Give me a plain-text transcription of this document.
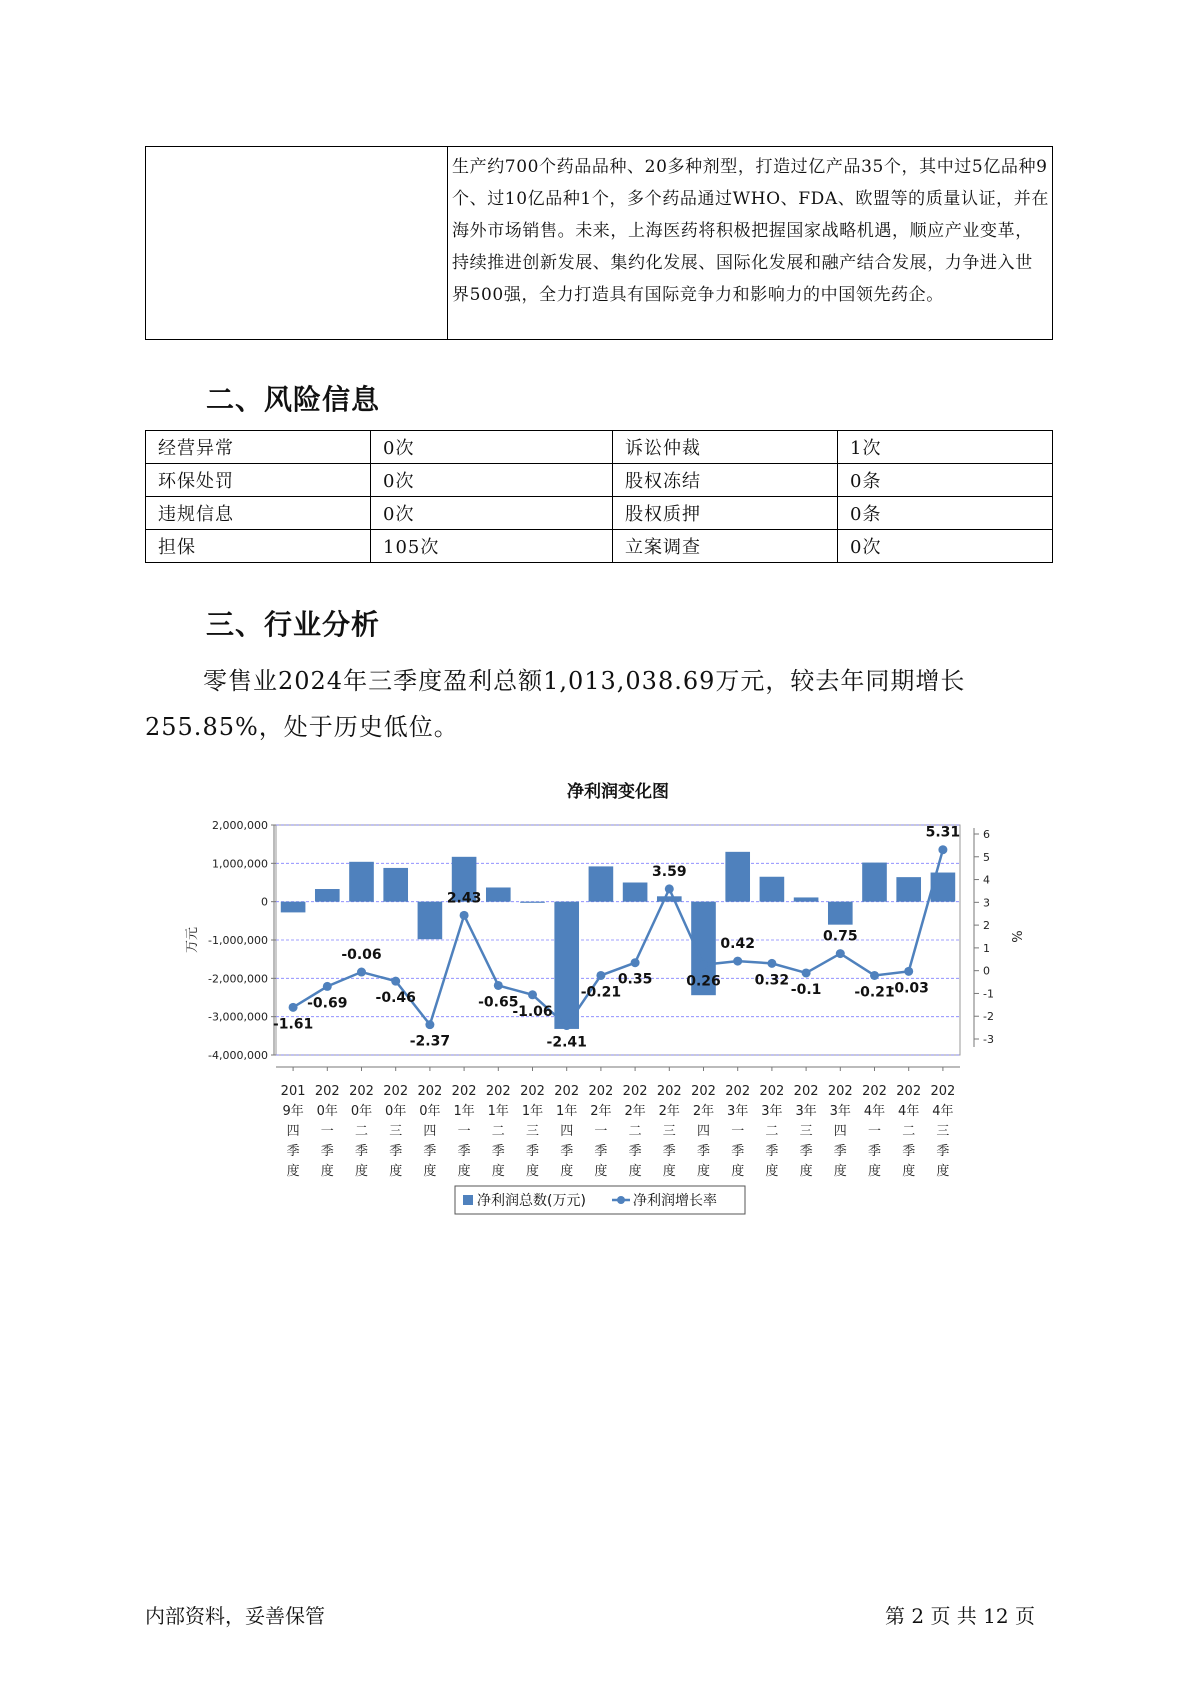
生产约700个药品品种、20多种剂型，打造过亿产品35个，其中过5亿品种9个、过10亿品种1个，多个药品通过WHO、FDA、欧盟等的质量认证，并在海外市场销售。未来，上海医药将积极把握国家战略机遇，顺应产业变革，持续推进创新发展、集约化发展、国际化发展和融产结合发展，力争进入世界500强，全力打造具有国际竞争力和影响力的中国领先药企。
二、风险信息
经营异常	0次	诉讼仲裁	1次
环保处罚	0次	股权冻结	0条
违规信息	0次	股权质押	0条
担保	105次	立案调查	0次
三、行业分析

零售业2024年三季度盈利总额1,013,038.69万元，较去年同期增长255.85%，处于历史低位。

净利润变化图
2,000,000
1,000,000
0
-1,000,000
-2,000,000
-3,000,000
-4,000,000
万元
6
5
4
3
2
1
0
-1
-2
-3
%
-1.61
-0.69
-0.06
-0.46
-2.37
2.43
-0.65
-1.06
-2.41
-0.21
0.35
3.59
0.26
0.42
0.32
-0.1
0.75
-0.21
-0.03
5.31
201
9年
四
季
度
202
0年
一
季
度
202
0年
二
季
度
202
0年
三
季
度
202
0年
四
季
度
202
1年
一
季
度
202
1年
二
季
度
202
1年
三
季
度
202
1年
四
季
度
202
2年
一
季
度
202
2年
二
季
度
202
2年
三
季
度
202
2年
四
季
度
202
3年
一
季
度
202
3年
二
季
度
202
3年
三
季
度
202
3年
四
季
度
202
4年
一
季
度
202
4年
二
季
度
202
4年
三
季
度
净利润总数(万元)	净利润增长率
内部资料，妥善保管	第 2 页 共 12 页
